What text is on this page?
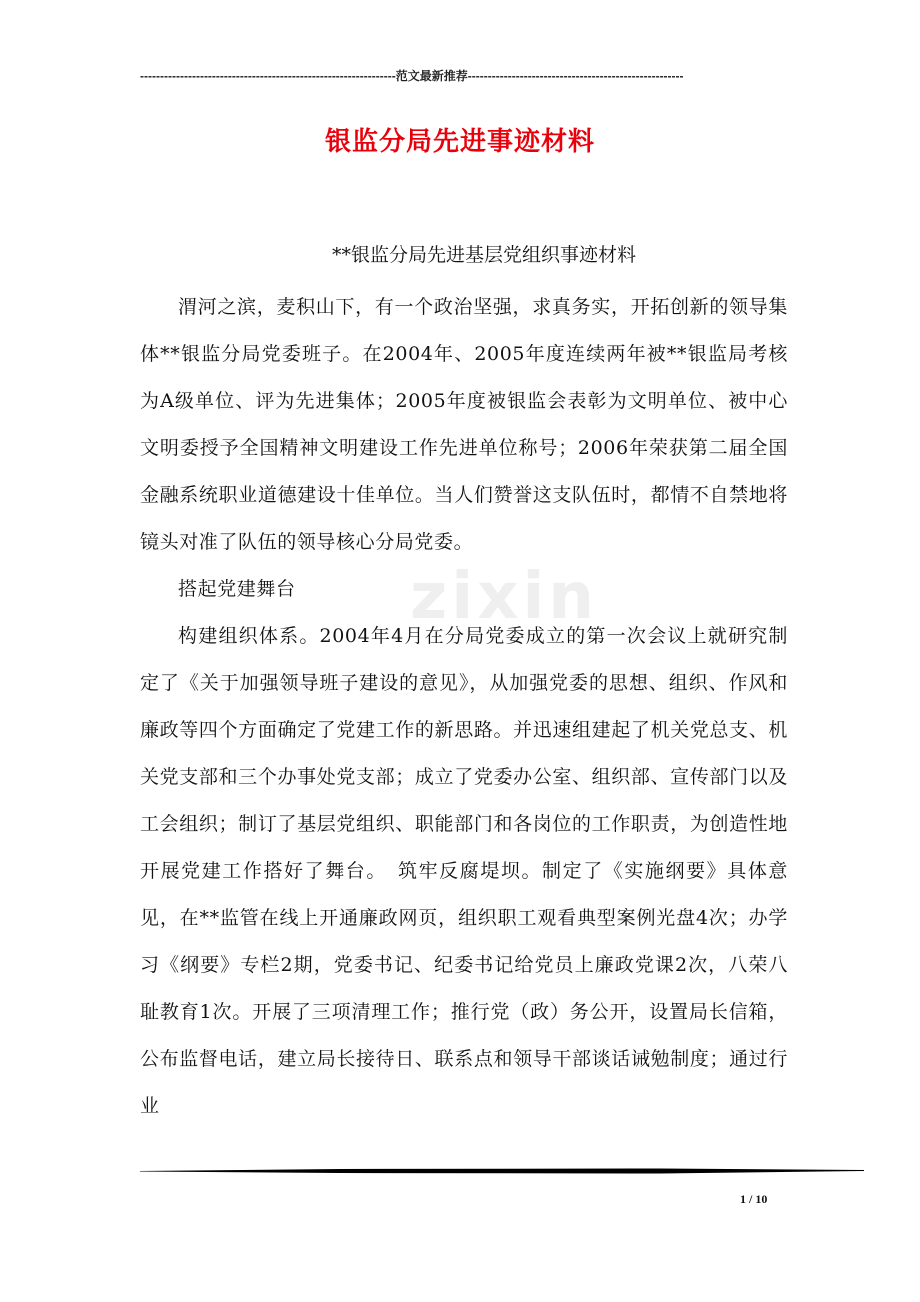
----------------------------------------------------------------范文最新推荐------------------------------------------------------
银监分局先进事迹材料
**银监分局先进基层党组织事迹材料
zixin

渭河之滨，麦积山下，有一个政治坚强，求真务实，开拓创新的领导集体**银监分局党委班子。在2004年、2005年度连续两年被**银监局考核为A级单位、评为先进集体；2005年度被银监会表彰为文明单位、被中心文明委授予全国精神文明建设工作先进单位称号；2006年荣获第二届全国金融系统职业道德建设十佳单位。当人们赞誉这支队伍时，都情不自禁地将镜头对准了队伍的领导核心分局党委。

搭起党建舞台

构建组织体系。2004年4月在分局党委成立的第一次会议上就研究制定了《关于加强领导班子建设的意见》，从加强党委的思想、组织、作风和廉政等四个方面确定了党建工作的新思路。并迅速组建起了机关党总支、机关党支部和三个办事处党支部；成立了党委办公室、组织部、宣传部门以及工会组织；制订了基层党组织、职能部门和各岗位的工作职责，为创造性地开展党建工作搭好了舞台。　筑牢反腐堤坝。制定了《实施纲要》具体意见，在**监管在线上开通廉政网页，组织职工观看典型案例光盘4次；办学习《纲要》专栏2期，党委书记、纪委书记给党员上廉政党课2次，八荣八耻教育1次。开展了三项清理工作；推行党（政）务公开，设置局长信箱，公布监督电话，建立局长接待日、联系点和领导干部谈话诫勉制度；通过行业

1 / 10
